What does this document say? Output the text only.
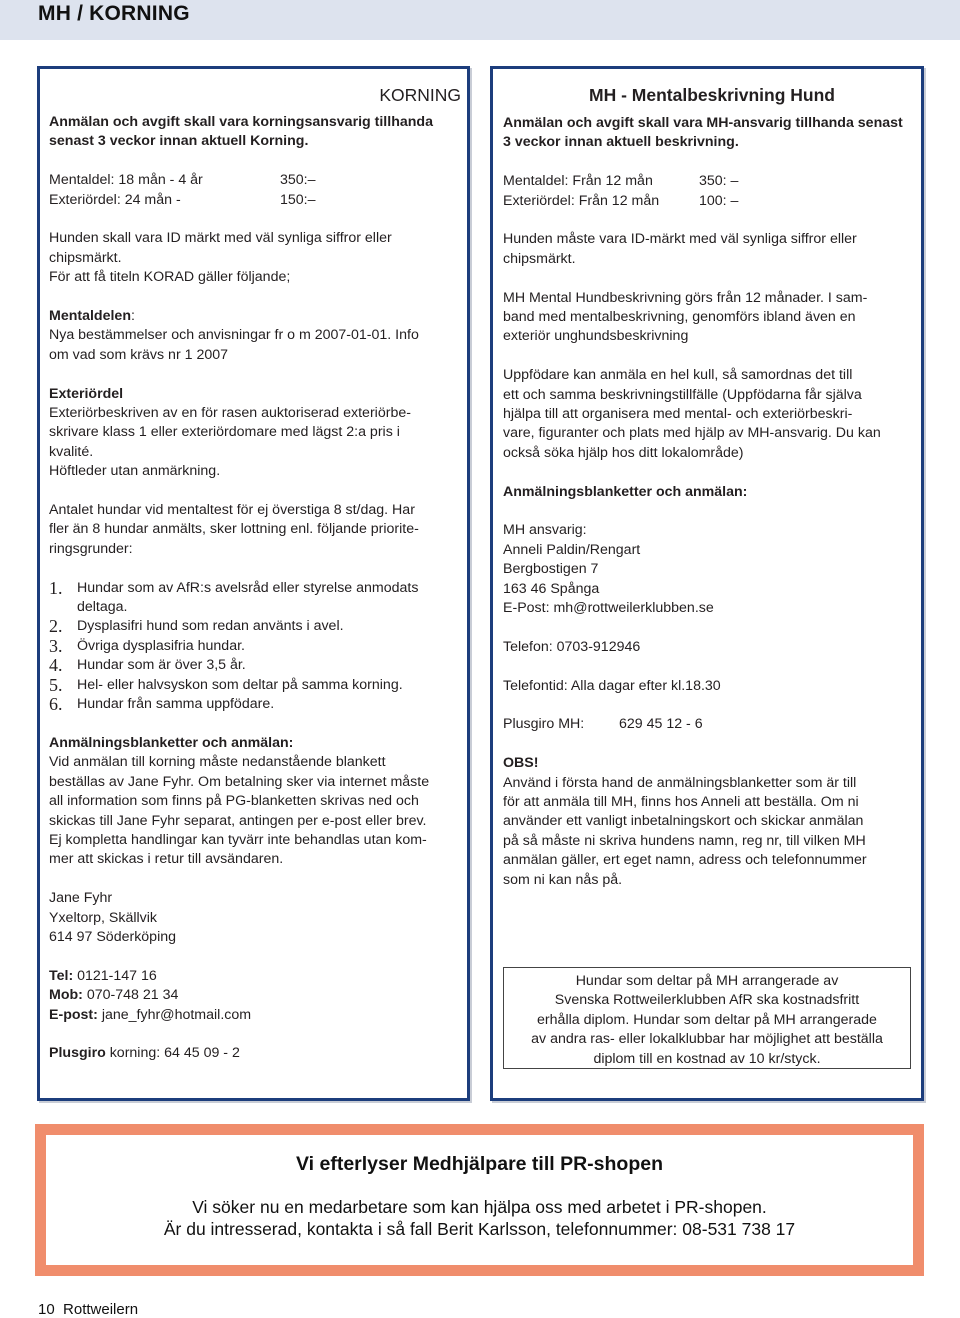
MH / KORNING

KORNING

Anmälan och avgift skall vara korningsansvarig tillhanda

senast 3 veckor innan aktuell Korning.

Mentaldel: 18 mån - 4 år	350:–
Exteriördel: 24 mån -	150:–

Hunden skall vara ID märkt med väl synliga siffror eller

chipsmärkt.

För att få titeln KORAD gäller följande;

Mentaldelen:

Nya bestämmelser och anvisningar fr o m 2007-01-01. Info

om vad som krävs nr 1 2007

Exteriördel

Exteriörbeskriven av en för rasen auktoriserad exteriörbe-

skrivare klass 1 eller exteriördomare med lägst 2:a pris i

kvalité.

Höftleder utan anmärkning.

Antalet hundar vid mentaltest för ej överstiga 8 st/dag. Har

fler än 8 hundar anmälts, sker lottning enl. följande priorite-

ringsgrunder:

1.	Hundar som av AfR:s avelsråd eller styrelse anmodats

deltaga.

2.	Dysplasifri hund som redan använts i avel.

3.	Övriga dysplasifria hundar.

4.	Hundar som är över 3,5 år.

5.	Hel- eller halvsyskon som deltar på samma korning.

6.	Hundar från samma uppfödare.

Anmälningsblanketter och anmälan:

Vid anmälan till korning måste nedanstående blankett

beställas av Jane Fyhr. Om betalning sker via internet måste

all information som finns på PG-blanketten skrivas ned och

skickas till Jane Fyhr separat, antingen per e-post eller brev.

Ej kompletta handlingar kan tyvärr inte behandlas utan kom-

mer att skickas i retur till avsändaren.

Jane Fyhr

Yxeltorp, Skällvik

614 97 Söderköping

Tel: 0121-147 16

Mob: 070-748 21 34

E-post: jane_fyhr@hotmail.com

Plusgiro korning: 64 45 09 - 2

MH - Mentalbeskrivning Hund

Anmälan och avgift skall vara MH-ansvarig tillhanda senast

3 veckor innan aktuell beskrivning.

Mentaldel: Från 12 mån	350: –
Exteriördel: Från 12 mån	100: –

Hunden måste vara ID-märkt med väl synliga siffror eller

chipsmärkt.

MH Mental Hundbeskrivning görs från 12 månader. I sam-

band med mentalbeskrivning, genomförs ibland även en

exteriör unghundsbeskrivning

Uppfödare kan anmäla en hel kull, så samordnas det till

ett och samma beskrivningstillfälle (Uppfödarna får själva

hjälpa till att organisera med mental- och exteriörbeskri-

vare, figuranter och plats med hjälp av MH-ansvarig. Du kan

också söka hjälp hos ditt lokalområde)

Anmälningsblanketter och anmälan:

MH ansvarig:

Anneli Paldin/Rengart

Bergbostigen 7

163 46 Spånga

E-Post: mh@rottweilerklubben.se

Telefon: 0703-912946

Telefontid: Alla dagar efter kl.18.30

Plusgiro MH:	629 45 12 - 6

OBS!

Använd i första hand de anmälningsblanketter som är till

för att anmäla till MH, finns hos Anneli att beställa. Om ni

använder ett vanligt inbetalningskort och skickar anmälan

på så måste ni skriva hundens namn, reg nr, till vilken MH

anmälan gäller, ert eget namn, adress och telefonnummer

som ni kan nås på.

Hundar som deltar på MH arrangerade av

Svenska Rottweilerklubben AfR ska kostnadsfritt

erhålla diplom. Hundar som deltar på MH arrangerade

av andra ras- eller lokalklubbar har möjlighet att beställa

diplom till en kostnad av 10 kr/styck.

Vi efterlyser Medhjälpare till PR-shopen
Vi söker nu en medarbetare som kan hjälpa oss med arbetet i PR-shopen.
Är du intresserad, kontakta i så fall Berit Karlsson, telefonnummer: 08-531 738 17
10 Rottweilern
